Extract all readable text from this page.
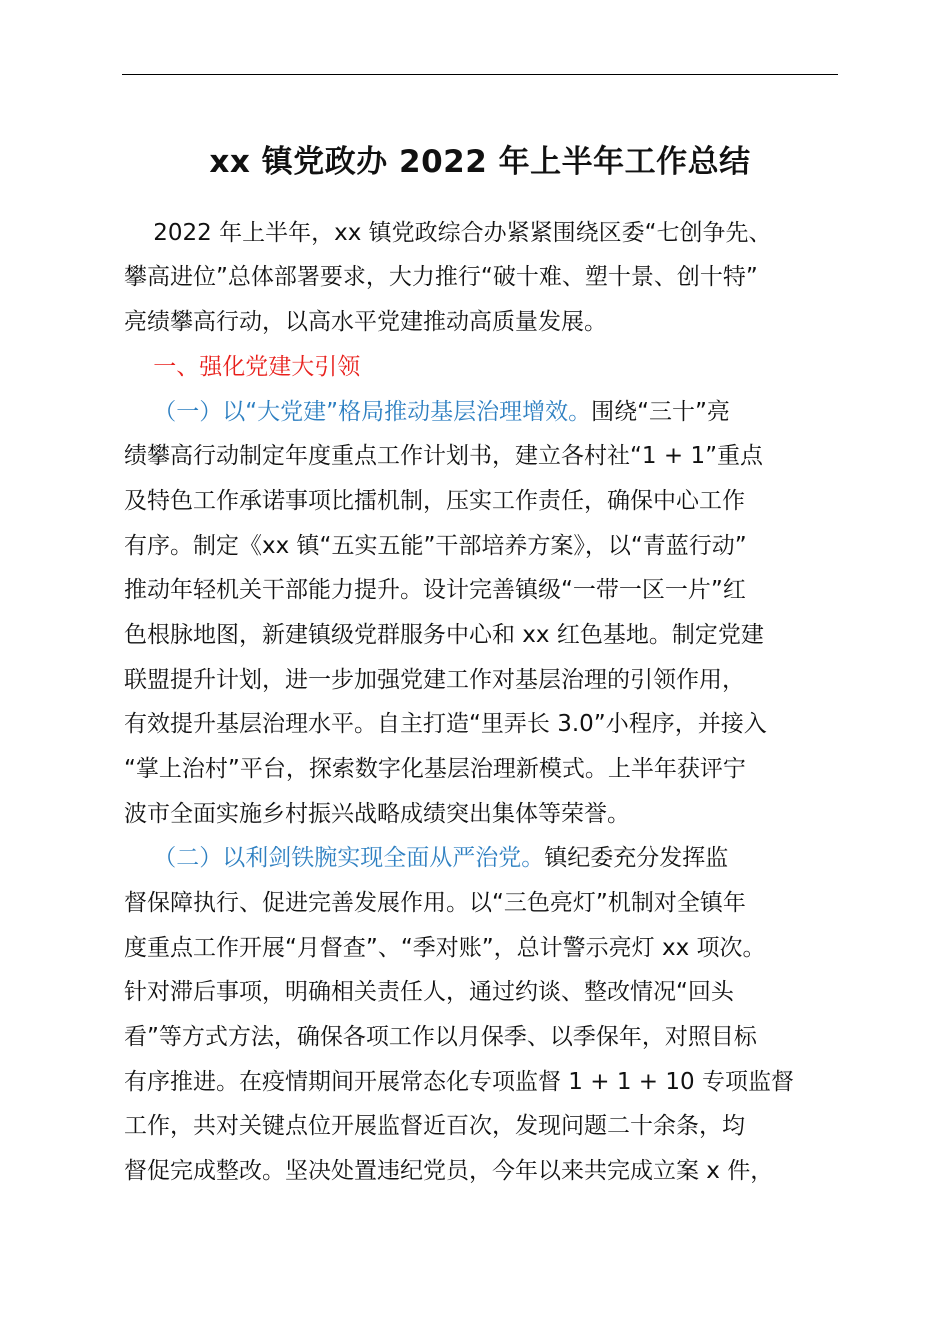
xx 镇党政办 2022 年上半年工作总结
2022 年上半年，xx 镇党政综合办紧紧围绕区委“七创争先、
攀高进位”总体部署要求，大力推行“破十难、塑十景、创十特”
亮绩攀高行动，以高水平党建推动高质量发展。
一、强化党建大引领
（一）以“大党建”格局推动基层治理增效。围绕“三十”亮
绩攀高行动制定年度重点工作计划书，建立各村社“1 + 1”重点
及特色工作承诺事项比擂机制，压实工作责任，确保中心工作
有序。制定《xx 镇“五实五能”干部培养方案》，以“青蓝行动”
推动年轻机关干部能力提升。设计完善镇级“一带一区一片”红
色根脉地图，新建镇级党群服务中心和 xx 红色基地。制定党建
联盟提升计划，进一步加强党建工作对基层治理的引领作用，
有效提升基层治理水平。自主打造“里弄长 3.0”小程序，并接入
“掌上治村”平台，探索数字化基层治理新模式。上半年获评宁
波市全面实施乡村振兴战略成绩突出集体等荣誉。
（二）以利剑铁腕实现全面从严治党。镇纪委充分发挥监
督保障执行、促进完善发展作用。以“三色亮灯”机制对全镇年
度重点工作开展“月督查”、“季对账”，总计警示亮灯 xx 项次。
针对滞后事项，明确相关责任人，通过约谈、整改情况“回头
看”等方式方法，确保各项工作以月保季、以季保年，对照目标
有序推进。在疫情期间开展常态化专项监督 1 + 1 + 10 专项监督
工作，共对关键点位开展监督近百次，发现问题二十余条，均
督促完成整改。坚决处置违纪党员，今年以来共完成立案 x 件，
